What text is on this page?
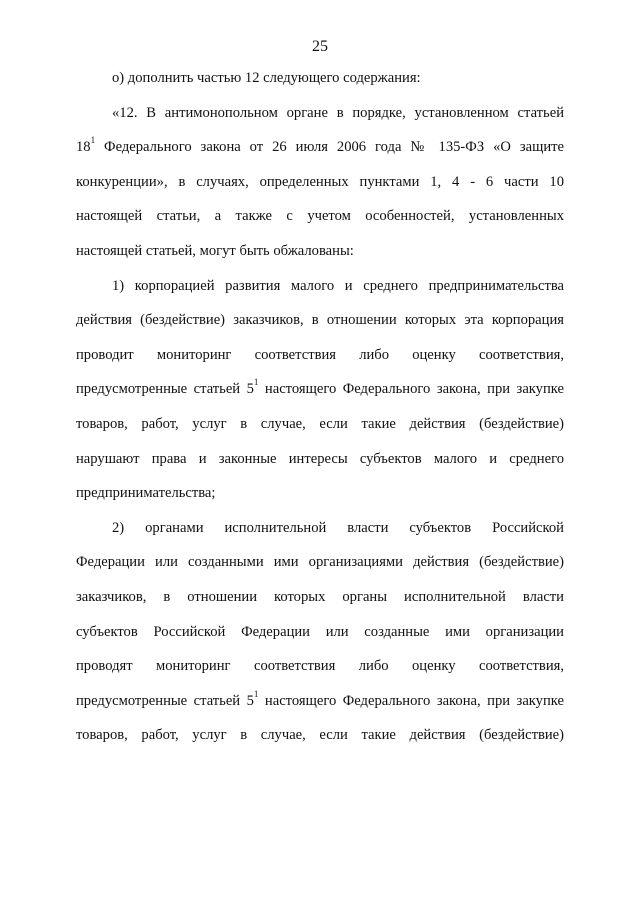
25
о) дополнить частью 12 следующего содержания:
«12. В антимонопольном органе в порядке, установленном статьей
$18^1$ Федерального закона от 26 июля 2006 года № 135-ФЗ «О защите
конкуренции», в случаях, определенных пунктами 1, 4 - 6 части 10
настоящей статьи, а также с учетом особенностей, установленных
настоящей статьей, могут быть обжалованы:
1) корпорацией развития малого и среднего предпринимательства
действия (бездействие) заказчиков, в отношении которых эта корпорация
проводит мониторинг соответствия либо оценку соответствия,
предусмотренные статьей $5^1$ настоящего Федерального закона, при закупке
товаров, работ, услуг в случае, если такие действия (бездействие)
нарушают права и законные интересы субъектов малого и среднего
предпринимательства;
2) органами исполнительной власти субъектов Российской
Федерации или созданными ими организациями действия (бездействие)
заказчиков, в отношении которых органы исполнительной власти
субъектов Российской Федерации или созданные ими организации
проводят мониторинг соответствия либо оценку соответствия,
предусмотренные статьей $5^1$ настоящего Федерального закона, при закупке
товаров, работ, услуг в случае, если такие действия (бездействие)
